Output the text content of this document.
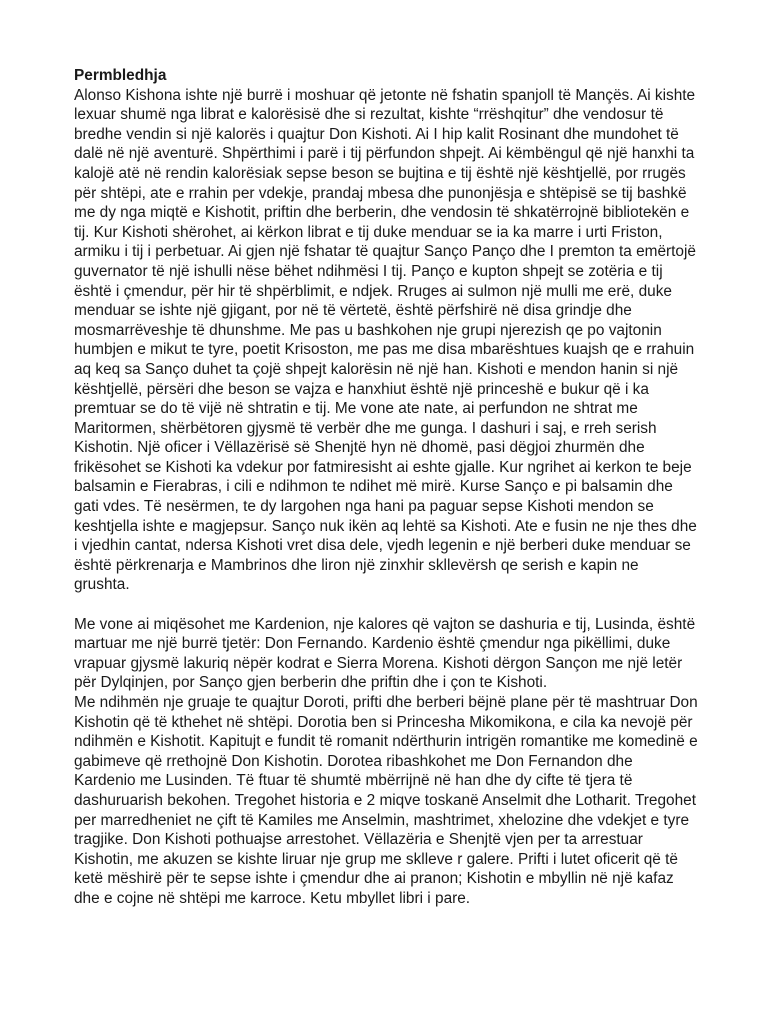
Permbledhja

Alonso Kishona ishte një burrë i moshuar që jetonte në fshatin spanjoll të Mançës. Ai kishte lexuar shumë nga librat e kalorësisë dhe si rezultat, kishte “rrëshqitur” dhe vendosur të bredhe vendin si një kalorës i quajtur Don Kishoti. Ai I hip kalit Rosinant dhe mundohet të dalë në një aventurë. Shpërthimi i parë i tij përfundon shpejt. Ai këmbëngul që një hanxhi ta kalojë atë në rendin kalorësiak sepse beson se bujtina e tij është një kështjellë, por rrugës për shtëpi, ate e rrahin per vdekje, prandaj mbesa dhe punonjësja e shtëpisë se tij bashkë me dy nga miqtë e Kishotit, priftin dhe berberin, dhe vendosin të shkatërrojnë bibliotekën e tij. Kur Kishoti shërohet, ai kërkon librat e tij duke menduar se ia ka marre i urti Friston, armiku i tij i perbetuar. Ai gjen një fshatar të quajtur Sanço Panço dhe I premton ta emërtojë guvernator të një ishulli nëse bëhet ndihmësi I tij. Panço e kupton shpejt se zotëria e tij është i çmendur, për hir të shpërblimit, e ndjek. Rruges ai sulmon një mulli me erë, duke menduar se ishte një gjigant, por në të vërtetë, është përfshirë në disa grindje dhe mosmarrëveshje të dhunshme. Me pas u bashkohen nje grupi njerezish qe po vajtonin humbjen e mikut te tyre, poetit Krisoston, me pas me disa mbarështues kuajsh qe e rrahuin aq keq sa Sanço duhet ta çojë shpejt kalorësin në një han. Kishoti e mendon hanin si një kështjellë, përsëri dhe beson se vajza e hanxhiut është një princeshë e bukur që i ka premtuar se do të vijë në shtratin e tij. Me vone ate nate, ai perfundon ne shtrat me Maritormen, shërbëtoren gjysmë të verbër dhe me gunga. I dashuri i saj, e rreh serish Kishotin. Një oficer i Vëllazërisë së Shenjtë hyn në dhomë, pasi dëgjoi zhurmën dhe frikësohet se Kishoti ka vdekur por fatmiresisht ai eshte gjalle. Kur ngrihet ai kerkon te beje balsamin e Fierabras, i cili e ndihmon te ndihet më mirë. Kurse Sanço e pi balsamin dhe gati vdes. Të nesërmen, te dy largohen nga hani pa paguar sepse Kishoti mendon se keshtjella ishte e magjepsur. Sanço nuk ikën aq lehtë sa Kishoti. Ate e fusin ne nje thes dhe i vjedhin cantat, ndersa Kishoti vret disa dele, vjedh legenin e një berberi duke menduar se është përkrenarja e Mambrinos dhe liron një zinxhir skllevërsh qe serish e kapin ne grushta.

Me vone ai miqësohet me Kardenion, nje kalores që vajton se dashuria e tij, Lusinda, është martuar me një burrë tjetër: Don Fernando. Kardenio është çmendur nga pikëllimi, duke vrapuar gjysmë lakuriq nëpër kodrat e Sierra Morena. Kishoti dërgon Sançon me një letër për Dylqinjen, por Sanço gjen berberin dhe priftin dhe i çon te Kishoti.

Me ndihmën nje gruaje te quajtur Doroti, prifti dhe berberi bëjnë plane për të mashtruar Don Kishotin që të kthehet në shtëpi. Dorotia ben si Princesha Mikomikona, e cila ka nevojë për ndihmën e Kishotit. Kapitujt e fundit të romanit ndërthurin intrigën romantike me komedinë e gabimeve që rrethojnë Don Kishotin. Dorotea ribashkohet me Don Fernandon dhe Kardenio me Lusinden. Të ftuar të shumtë mbërrijnë në han dhe dy cifte të tjera të dashuruarish bekohen. Tregohet historia e 2 miqve toskanë Anselmit dhe Lotharit. Tregohet per marredheniet ne çift të Kamiles me Anselmin, mashtrimet, xhelozine dhe vdekjet e tyre tragjike. Don Kishoti pothuajse arrestohet. Vëllazëria e Shenjtë vjen per ta arrestuar Kishotin, me akuzen se kishte liruar nje grup me sklleve r galere. Prifti i lutet oficerit që të ketë mëshirë për te sepse ishte i çmendur dhe ai pranon; Kishotin e mbyllin në një kafaz dhe e cojne në shtëpi me karroce. Ketu mbyllet libri i pare.
